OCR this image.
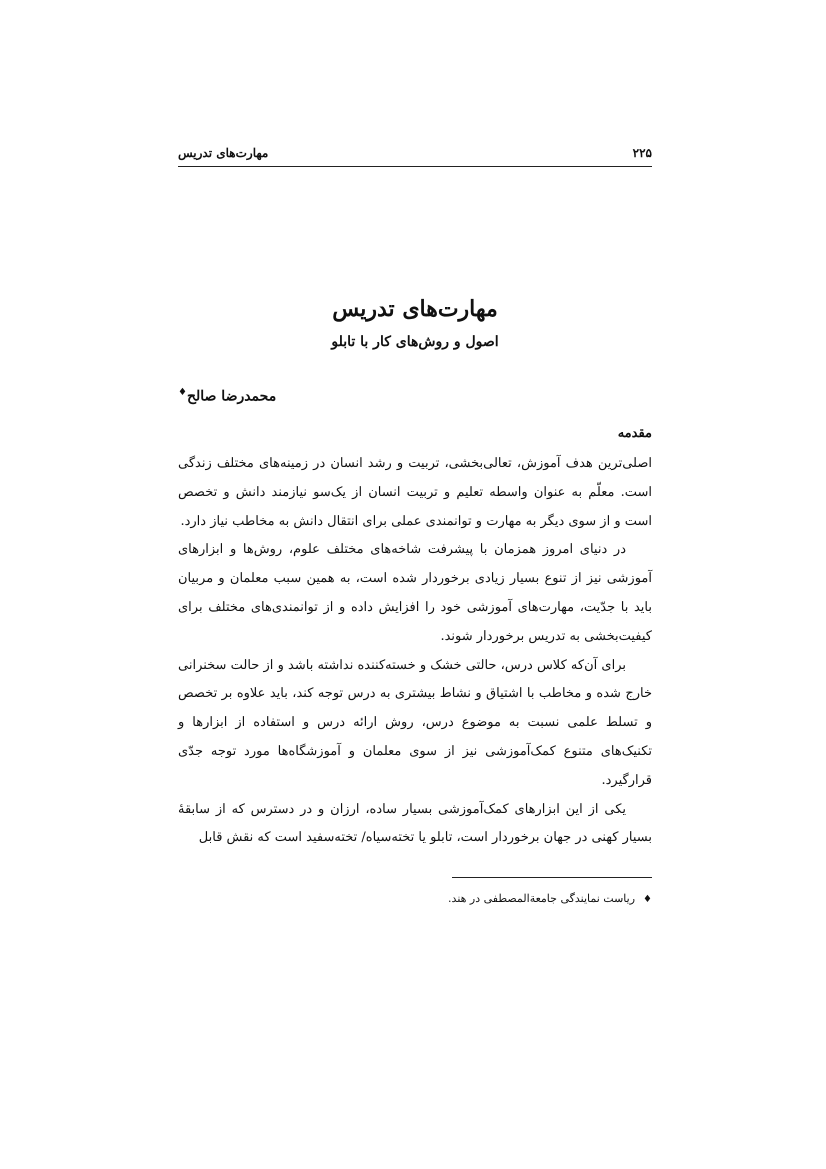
۲۲۵
مهارت‌های تدریس
مهارت‌های تدریس
اصول و روش‌های کار با تابلو
محمدرضا صالح♦
مقدمه

اصلی‌ترین هدف آموزش، تعالی‌بخشی، تربیت و رشد انسان در زمینه‌های مختلف زندگی است. معلّم به عنوان واسطه تعلیم و تربیت انسان از یک‌سو نیازمند دانش و تخصص است و از سوی دیگر به مهارت و توانمندی عملی برای انتقال دانش به مخاطب نیاز دارد.

در دنیای امروز همزمان با پیشرفت شاخه‌های مختلف علوم، روش‌ها و ابزارهای آموزشی نیز از تنوع بسیار زیادی برخوردار شده است، به همین سبب معلمان و مربیان باید با جدّیت، مهارت‌های آموزشی خود را افزایش داده و از توانمندی‌های مختلف برای کیفیت‌بخشی به تدریس برخوردار شوند.

برای آن‌که کلاس درس، حالتی خشک و خسته‌کننده نداشته باشد و از حالت سخنرانی خارج شده و مخاطب با اشتیاق و نشاط بیشتری به درس توجه کند، باید علاوه بر تخصص و تسلط علمی نسبت به موضوع درس، روش ارائه درس و استفاده از ابزارها و تکنیک‌های متنوع کمک‌آموزشی نیز از سوی معلمان و آموزشگاه‌ها مورد توجه جدّی قرارگیرد.

یکی از این ابزارهای کمک‌آموزشی بسیار ساده، ارزان و در دسترس که از سابقهٔ بسیار کهنی در جهان برخوردار است، تابلو یا تخته‌سیاه/ تخته‌سفید است که نقش قابل

♦ریاست نمایندگی جامعةالمصطفی در هند.
